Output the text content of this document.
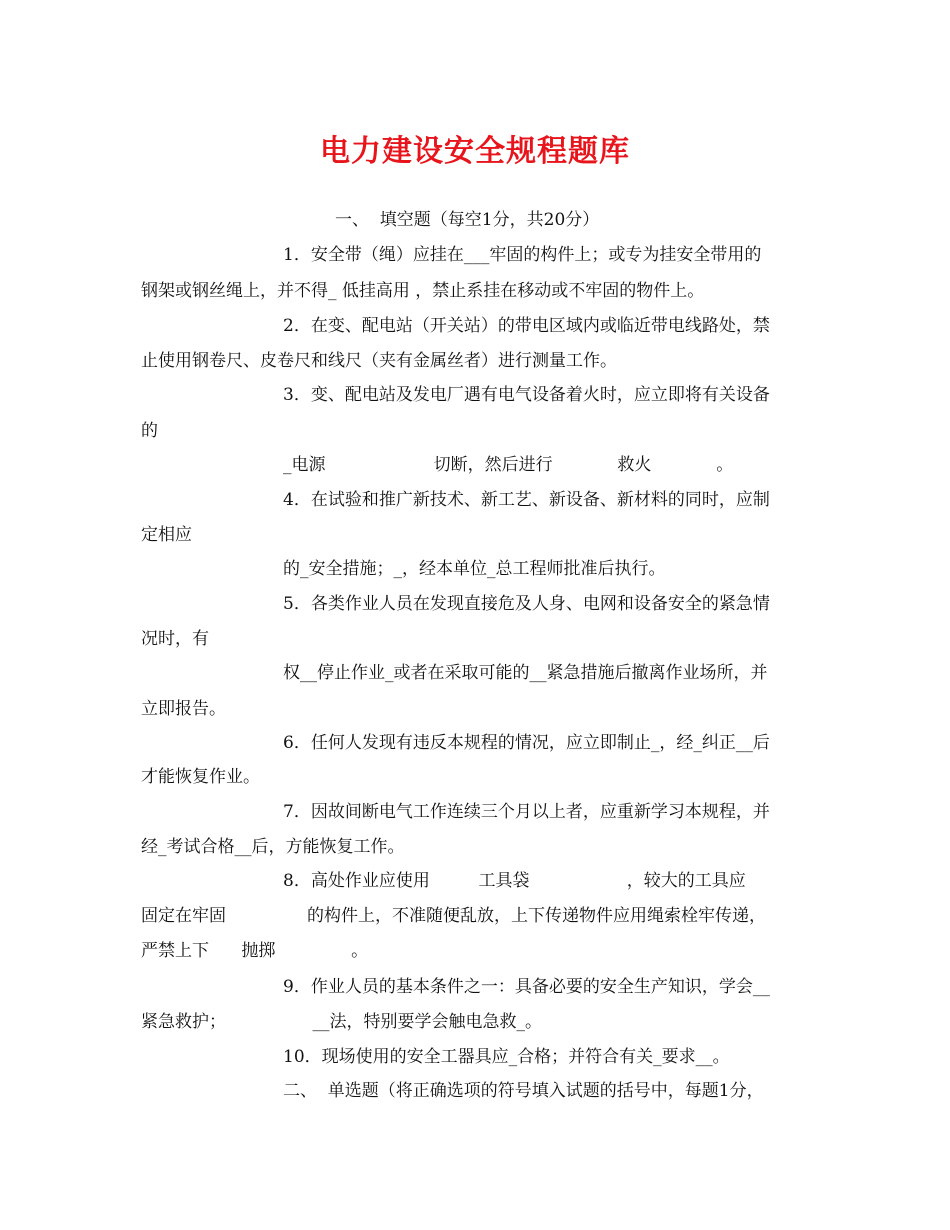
电力建设安全规程题库
一、  填空题（每空1分，共20分）
1．安全带（绳）应挂在___牢固的构件上；或专为挂安全带用的
钢架或钢丝绳上，并不得_ 低挂高用 ，禁止系挂在移动或不牢固的物件上。
2．在变、配电站（开关站）的带电区域内或临近带电线路处，禁
止使用钢卷尺、皮卷尺和线尺（夹有金属丝者）进行测量工作。
3．变、配电站及发电厂遇有电气设备着火时，应立即将有关设备
的
_电源                    切断，然后进行            救火            。
4．在试验和推广新技术、新工艺、新设备、新材料的同时，应制
定相应
的_安全措施；_，经本单位_总工程师批准后执行。
5．各类作业人员在发现直接危及人身、电网和设备安全的紧急情
况时，有
权__停止作业_或者在采取可能的__紧急措施后撤离作业场所，并
立即报告。
6．任何人发现有违反本规程的情况，应立即制止_，经_纠正__后
才能恢复作业。
7．因故间断电气工作连续三个月以上者，应重新学习本规程，并
经_考试合格__后，方能恢复工作。
8．高处作业应使用         工具袋                  ，较大的工具应
固定在牢固               的构件上，不准随便乱放，上下传递物件应用绳索栓牢传递，
严禁上下      抛掷              。
9．作业人员的基本条件之一：具备必要的安全生产知识，学会__
紧急救护；                __法，特别要学会触电急救_。
10．现场使用的安全工器具应_合格；并符合有关_要求__。
二、  单选题（将正确选项的符号填入试题的括号中，每题1分，
